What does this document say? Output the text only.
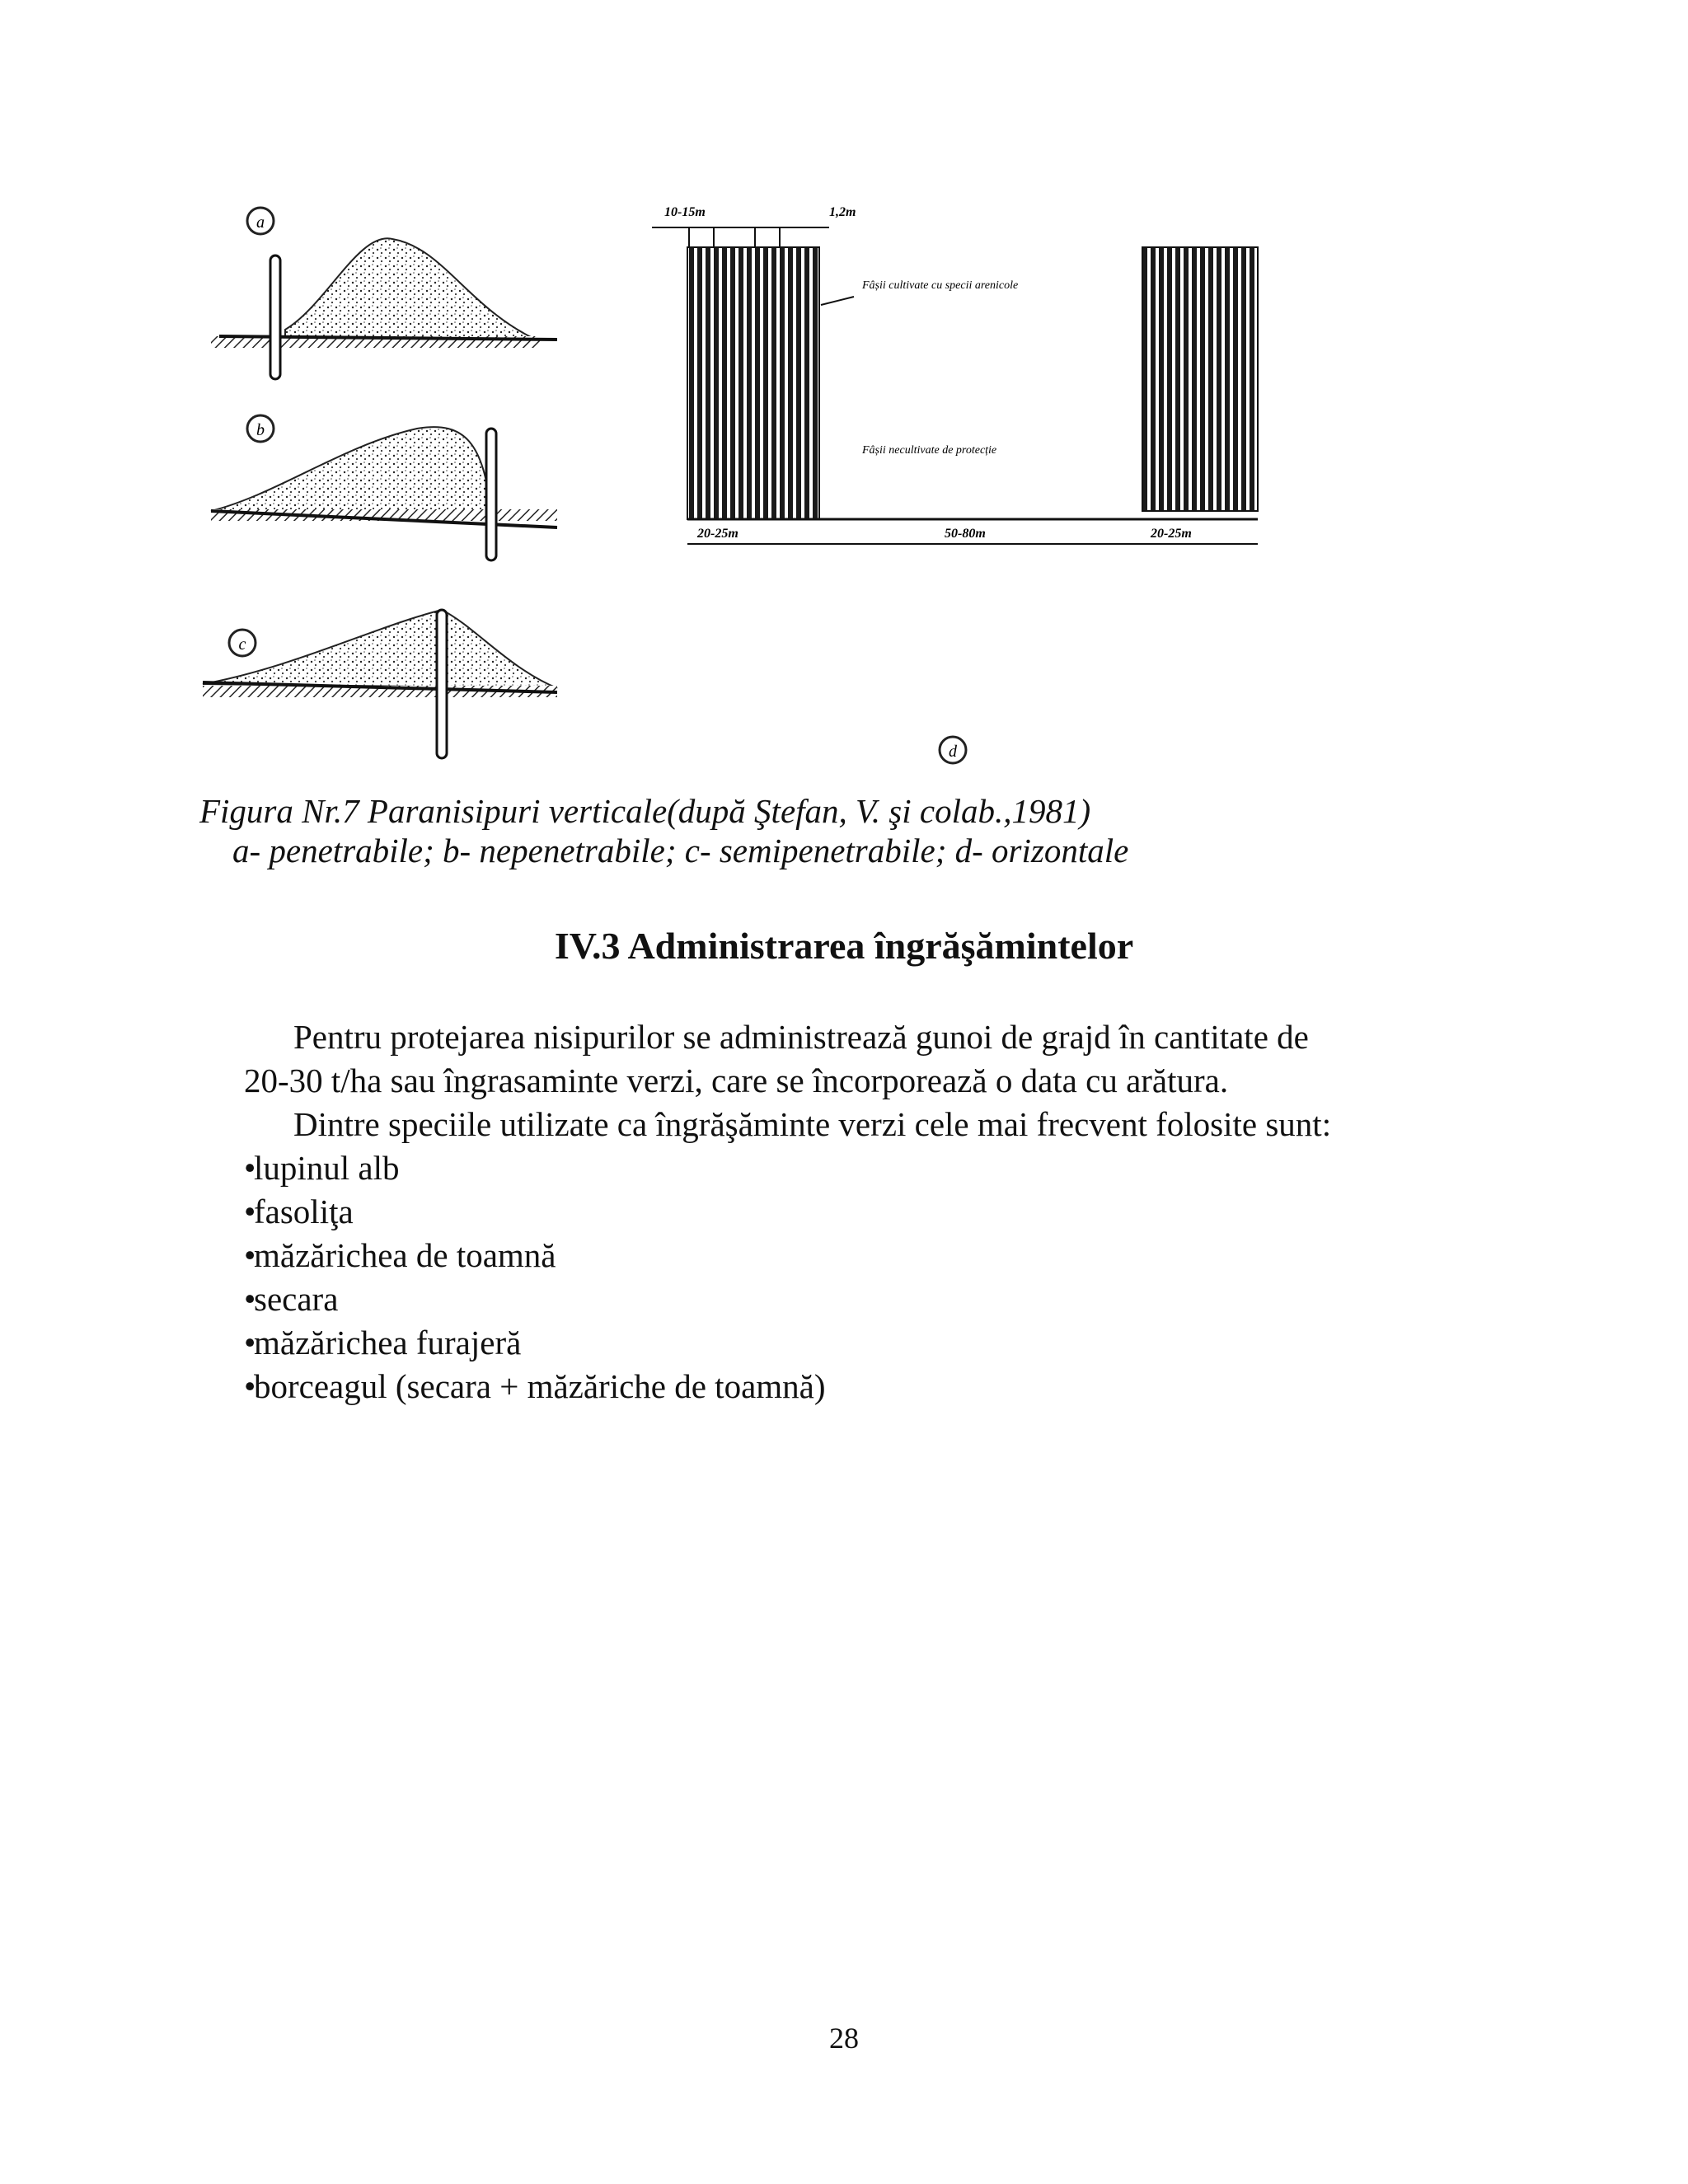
a
b
c
10-15m	1,2m
Fâșii cultivate cu specii arenicole
Fâșii necultivate de protecție
20-25m	50-80m	20-25m
d
Figura Nr.7 Paranisipuri verticale(după Ştefan, V. şi colab.,1981)
a- penetrabile; b- nepenetrabile; c- semipenetrabile; d- orizontale
IV.3 Administrarea îngrăşămintelor

Pentru protejarea nisipurilor se administrează gunoi de grajd în cantitate de

20-30 t/ha sau îngrasaminte verzi, care se încorporează o data cu arătura.

Dintre speciile utilizate ca îngrăşăminte verzi cele mai frecvent folosite sunt:

•lupinul alb
•fasoliţa
•măzărichea de toamnă
•secara
•măzărichea furajeră
•borceagul (secara + măzăriche de toamnă)
28
